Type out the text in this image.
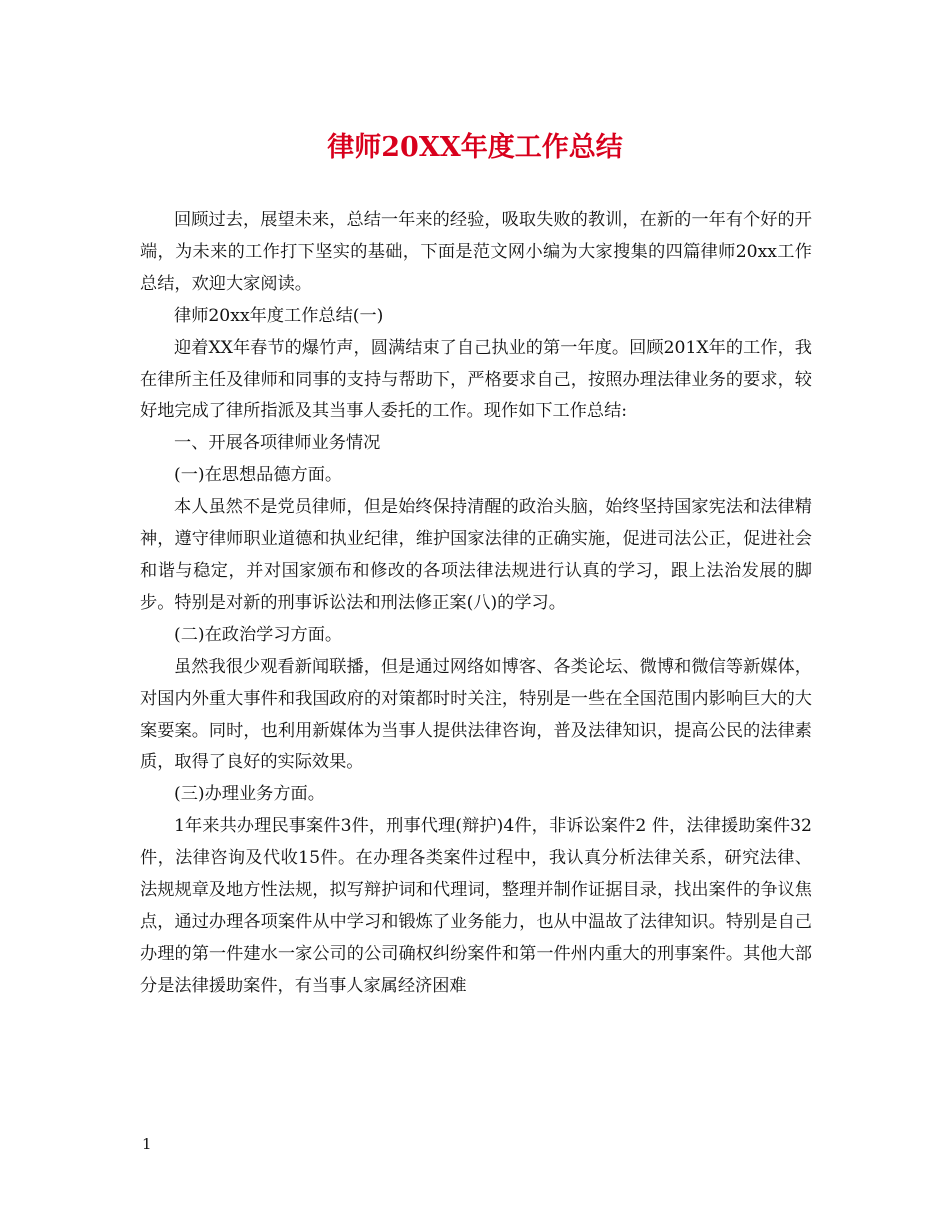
律师20XX年度工作总结

回顾过去，展望未来，总结一年来的经验，吸取失败的教训，在新的一年有个好的开端，为未来的工作打下坚实的基础，下面是范文网小编为大家搜集的四篇律师20xx工作总结，欢迎大家阅读。

律师20xx年度工作总结(一)

迎着XX年春节的爆竹声，圆满结束了自己执业的第一年度。回顾201X年的工作，我在律所主任及律师和同事的支持与帮助下，严格要求自己，按照办理法律业务的要求，较好地完成了律所指派及其当事人委托的工作。现作如下工作总结:

一、开展各项律师业务情况

(一)在思想品德方面。

本人虽然不是党员律师，但是始终保持清醒的政治头脑，始终坚持国家宪法和法律精神，遵守律师职业道德和执业纪律，维护国家法律的正确实施，促进司法公正，促进社会和谐与稳定，并对国家颁布和修改的各项法律法规进行认真的学习，跟上法治发展的脚步。特别是对新的刑事诉讼法和刑法修正案(八)的学习。

(二)在政治学习方面。

虽然我很少观看新闻联播，但是通过网络如博客、各类论坛、微博和微信等新媒体，对国内外重大事件和我国政府的对策都时时关注，特别是一些在全国范围内影响巨大的大案要案。同时，也利用新媒体为当事人提供法律咨询，普及法律知识，提高公民的法律素质，取得了良好的实际效果。

(三)办理业务方面。

1年来共办理民事案件3件，刑事代理(辩护)4件，非诉讼案件2 件，法律援助案件32 件，法律咨询及代收15件。在办理各类案件过程中，我认真分析法律关系，研究法律、法规规章及地方性法规，拟写辩护词和代理词，整理并制作证据目录，找出案件的争议焦点，通过办理各项案件从中学习和锻炼了业务能力，也从中温故了法律知识。特别是自己办理的第一件建水一家公司的公司确权纠纷案件和第一件州内重大的刑事案件。其他大部分是法律援助案件，有当事人家属经济困难

1
